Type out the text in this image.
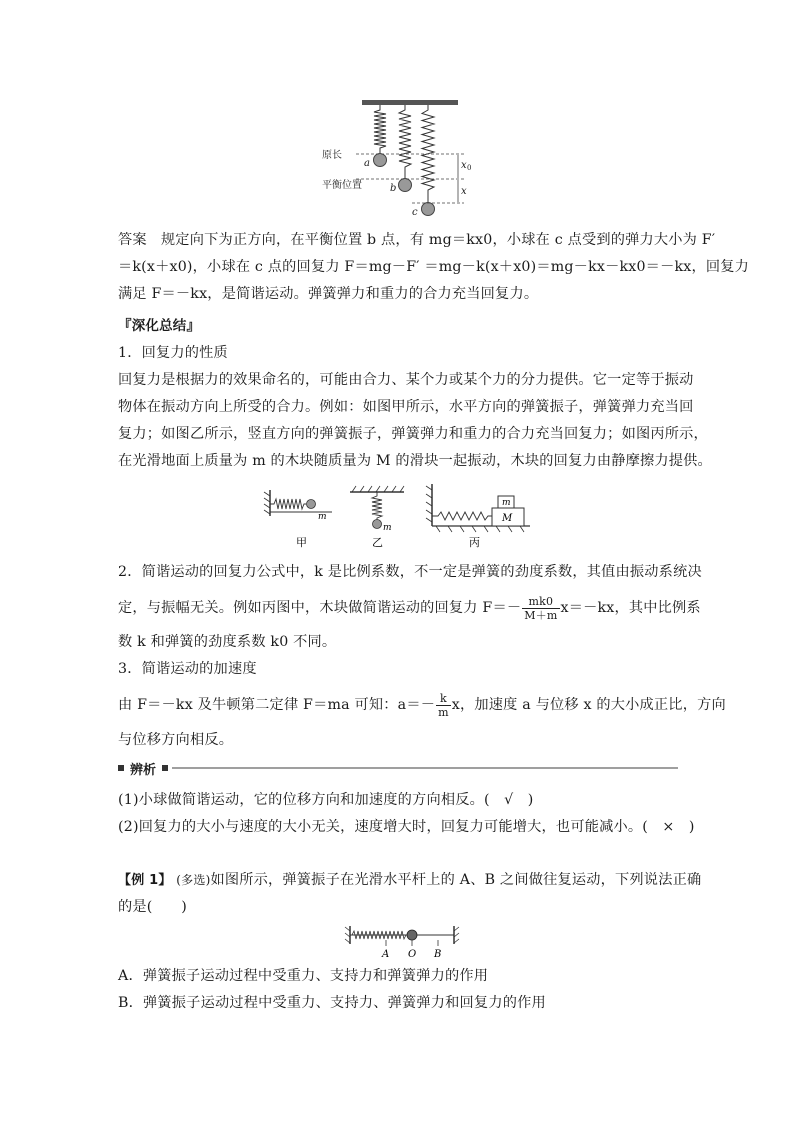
原长
a
平衡位置	b
c
x 0
x
答案 规定向下为正方向，在平衡位置 b 点，有 mg＝kx0，小球在 c 点受到的弹力大小为 F′
＝k(x＋x0)，小球在 c 点的回复力 F＝mg－F′ ＝mg－k(x＋x0)＝mg－kx－kx0＝－kx，回复力
满足 F＝－kx，是简谐运动。弹簧弹力和重力的合力充当回复力。
『深化总结』
1．回复力的性质
回复力是根据力的效果命名的，可能由合力、某个力或某个力的分力提供。它一定等于振动
物体在振动方向上所受的合力。例如：如图甲所示，水平方向的弹簧振子，弹簧弹力充当回
复力；如图乙所示，竖直方向的弹簧振子，弹簧弹力和重力的合力充当回复力；如图丙所示，
在光滑地面上质量为 m 的木块随质量为 M 的滑块一起振动，木块的回复力由静摩擦力提供。
m
m
m
M
甲	乙	丙
2．简谐运动的回复力公式中，k 是比例系数，不一定是弹簧的劲度系数，其值由振动系统决
定，与振幅无关。例如丙图中，木块做简谐运动的回复力 $F=- \frac{mk0}{M+m} x=-kx$，其中比例系
数 k 和弹簧的劲度系数 k0 不同。
3．简谐运动的加速度
由 F＝－kx 及牛顿第二定律 F＝ma 可知：$a=- \frac{k}{m}$ x，加速度 a 与位移 x 的大小成正比，方向
与位移方向相反。
辨析
(1)小球做简谐运动，它的位移方向和加速度的方向相反。(　√　)
(2)回复力的大小与速度的大小无关，速度增大时，回复力可能增大，也可能减小。(　×　)
【例 1】 (多选)如图所示，弹簧振子在光滑水平杆上的 A、B 之间做往复运动，下列说法正确
的是(　　)
A O B
A．弹簧振子运动过程中受重力、支持力和弹簧弹力的作用
B．弹簧振子运动过程中受重力、支持力、弹簧弹力和回复力的作用
